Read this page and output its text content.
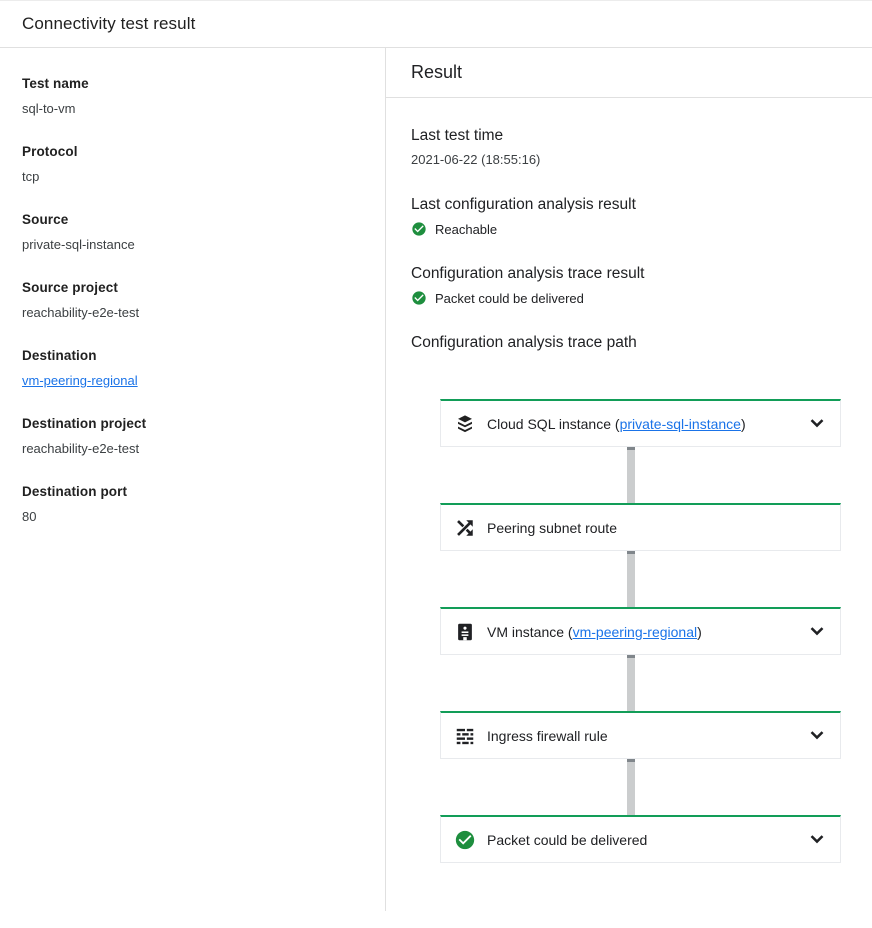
Connectivity test result
Test name
sql-to-vm
Protocol
tcp
Source
private-sql-instance
Source project
reachability-e2e-test
Destination
vm-peering-regional
Destination project
reachability-e2e-test
Destination port
80
Result
Last test time
2021-06-22 (18:55:16)
Last configuration analysis result
Reachable
Configuration analysis trace result
Packet could be delivered
Configuration analysis trace path
Cloud SQL instance (private-sql-instance)
Peering subnet route
VM instance (vm-peering-regional)
Ingress firewall rule
Packet could be delivered
